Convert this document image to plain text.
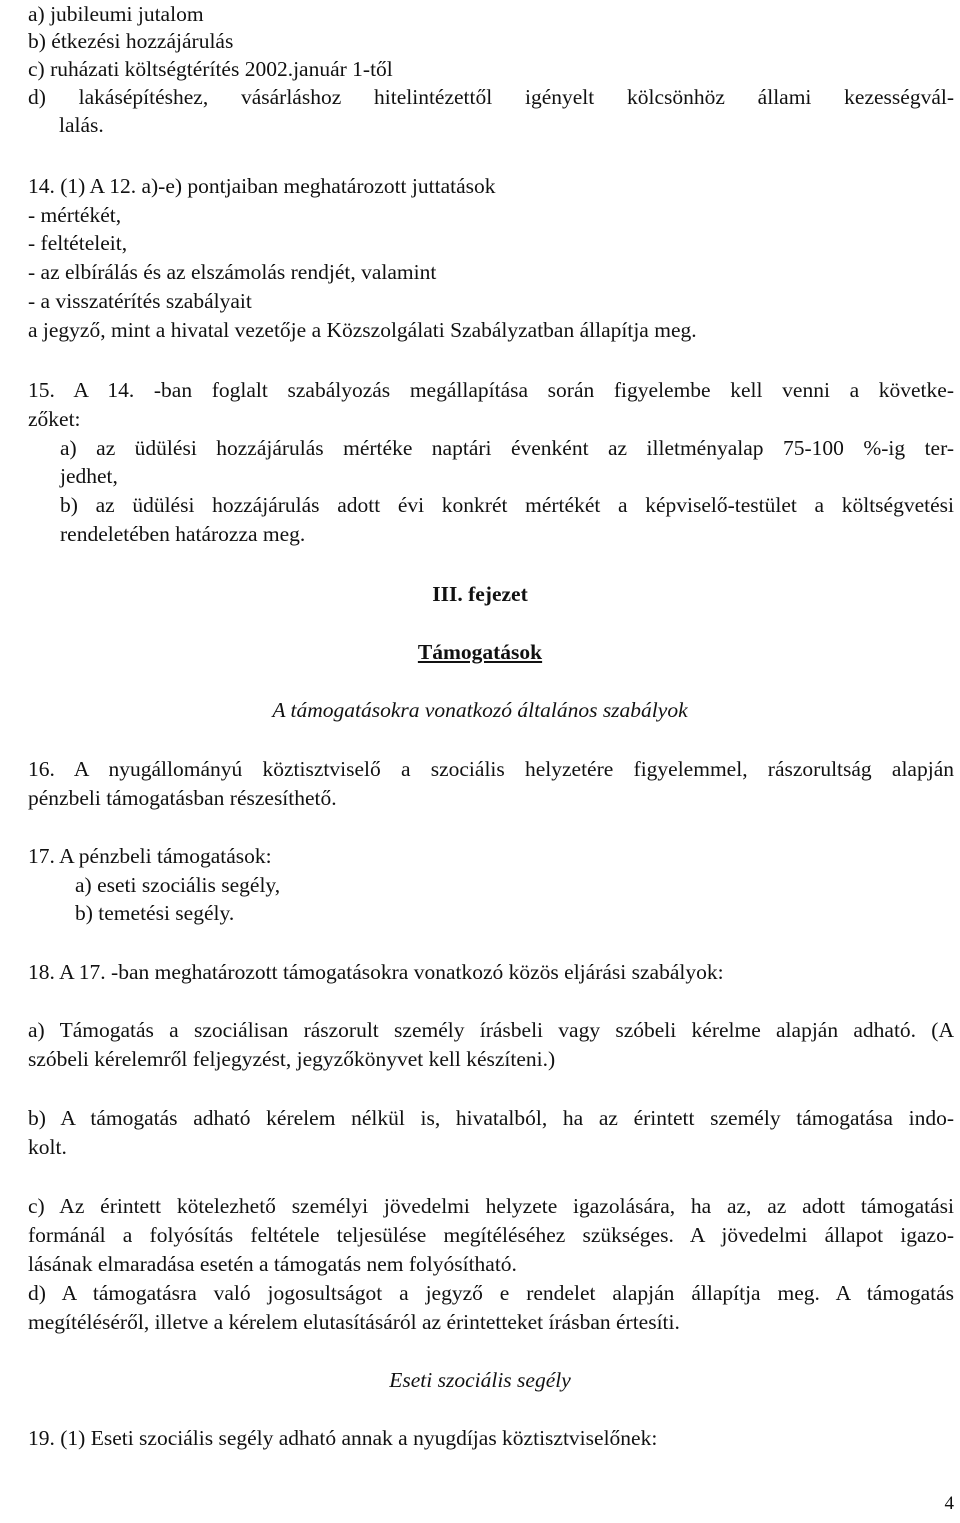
a) jubileumi jutalom
b) étkezési hozzájárulás
c) ruházati költségtérítés 2002.január 1-től
d) lakásépítéshez, vásárláshoz hitelintézettől igényelt kölcsönhöz állami kezességvál-
lalás.
14. (1) A 12. a)-e) pontjaiban meghatározott juttatások
- mértékét,
- feltételeit,
- az elbírálás és az elszámolás rendjét, valamint
- a visszatérítés szabályait
a jegyző, mint a hivatal vezetője a Közszolgálati Szabályzatban állapítja meg.
15. A 14. -ban foglalt szabályozás megállapítása során figyelembe kell venni a követke-
zőket:
a) az üdülési hozzájárulás mértéke naptári évenként az illetményalap 75-100 %-ig ter-
jedhet,
b) az üdülési hozzájárulás adott évi konkrét mértékét a képviselő-testület a költségvetési
rendeletében határozza meg.
III. fejezet
Támogatások
A támogatásokra vonatkozó általános szabályok
16. A nyugállományú köztisztviselő a szociális helyzetére figyelemmel, rászorultság alapján
pénzbeli támogatásban részesíthető.
17. A pénzbeli támogatások:
a) eseti szociális segély,
b) temetési segély.
18. A 17. -ban meghatározott támogatásokra vonatkozó közös eljárási szabályok:
a) Támogatás a szociálisan rászorult személy írásbeli vagy szóbeli kérelme alapján adható. (A
szóbeli kérelemről feljegyzést, jegyzőkönyvet kell készíteni.)
b) A támogatás adható kérelem nélkül is, hivatalból, ha az érintett személy támogatása indo-
kolt.
c) Az érintett kötelezhető személyi jövedelmi helyzete igazolására, ha az, az adott támogatási
formánál a folyósítás feltétele teljesülése megítéléséhez szükséges. A jövedelmi állapot igazo-
lásának elmaradása esetén a támogatás nem folyósítható.
d) A támogatásra való jogosultságot a jegyző e rendelet alapján állapítja meg. A támogatás
megítéléséről, illetve a kérelem elutasításáról az érintetteket írásban értesíti.
Eseti szociális segély
19. (1) Eseti szociális segély adható annak a nyugdíjas köztisztviselőnek:
4
